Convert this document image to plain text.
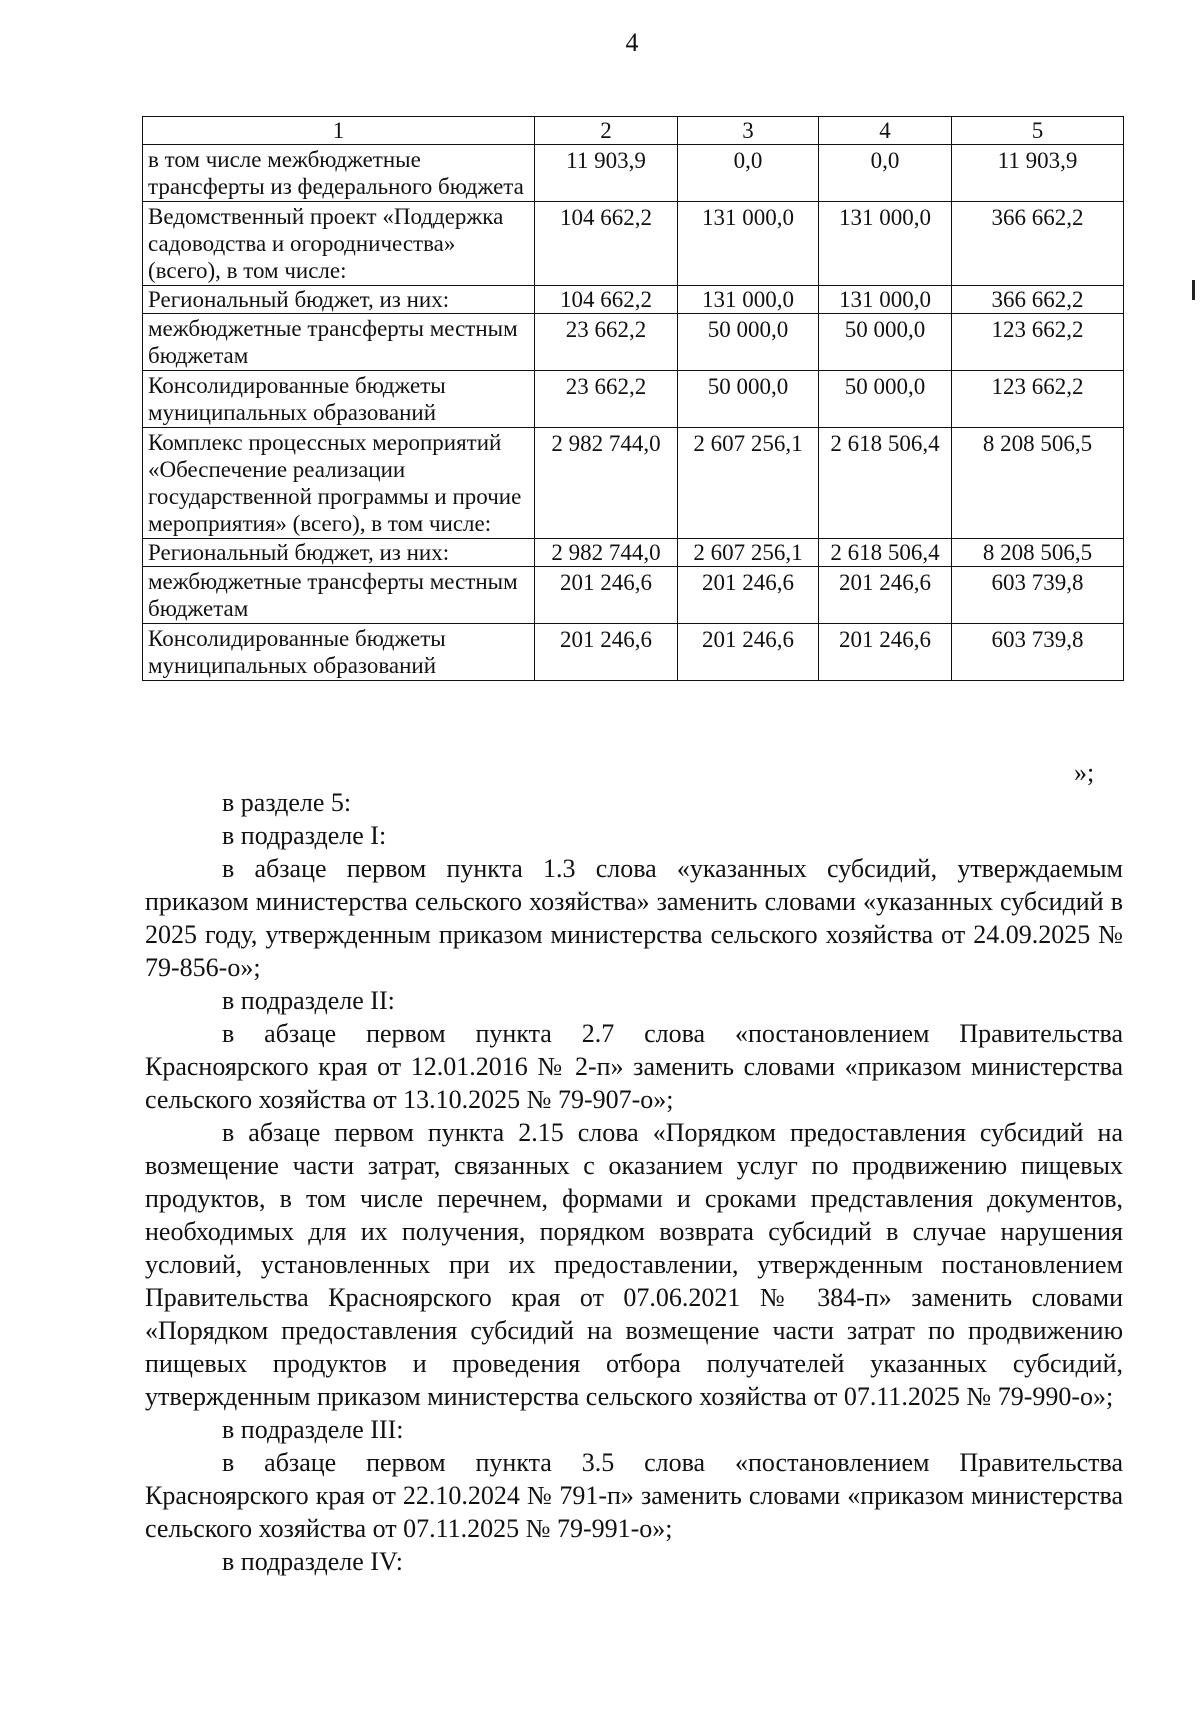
4
1	2	3	4	5
в том числе межбюджетные трансферты из федерального бюджета	11 903,9	0,0	0,0	11 903,9
Ведомственный проект «Поддержка садоводства и огородничества» (всего), в том числе:	104 662,2	131 000,0	131 000,0	366 662,2
Региональный бюджет, из них:	104 662,2	131 000,0	131 000,0	366 662,2
межбюджетные трансферты местным бюджетам	23 662,2	50 000,0	50 000,0	123 662,2
Консолидированные бюджеты муниципальных образований	23 662,2	50 000,0	50 000,0	123 662,2
Комплекс процессных мероприятий «Обеспечение реализации государственной программы и прочие мероприятия» (всего), в том числе:	2 982 744,0	2 607 256,1	2 618 506,4	8 208 506,5
Региональный бюджет, из них:	2 982 744,0	2 607 256,1	2 618 506,4	8 208 506,5
межбюджетные трансферты местным бюджетам	201 246,6	201 246,6	201 246,6	603 739,8
Консолидированные бюджеты муниципальных образований	201 246,6	201 246,6	201 246,6	603 739,8
»;

в разделе 5:

в подразделе I:

в абзаце первом пункта 1.3 слова «указанных субсидий, утверждаемым приказом министерства сельского хозяйства» заменить словами «указанных субсидий в 2025 году, утвержденным приказом министерства сельского хозяйства от 24.09.2025 № 79-856-о»;

в подразделе II:

в абзаце первом пункта 2.7 слова «постановлением Правительства Красноярского края от 12.01.2016 № 2-п» заменить словами «приказом министерства сельского хозяйства от 13.10.2025 № 79-907-о»;

в абзаце первом пункта 2.15 слова «Порядком предоставления субсидий на возмещение части затрат, связанных с оказанием услуг по продвижению пищевых продуктов, в том числе перечнем, формами и сроками представления документов, необходимых для их получения, порядком возврата субсидий в случае нарушения условий, установленных при их предоставлении, утвержденным постановлением Правительства Красноярского края от 07.06.2021 № 384-п» заменить словами «Порядком предоставления субсидий на возмещение части затрат по продвижению пищевых продуктов и проведения отбора получателей указанных субсидий, утвержденным приказом министерства сельского хозяйства от 07.11.2025 № 79-990-о»;

в подразделе III:

в абзаце первом пункта 3.5 слова «постановлением Правительства Красноярского края от 22.10.2024 № 791-п» заменить словами «приказом министерства сельского хозяйства от 07.11.2025 № 79-991-о»;

в подразделе IV:
